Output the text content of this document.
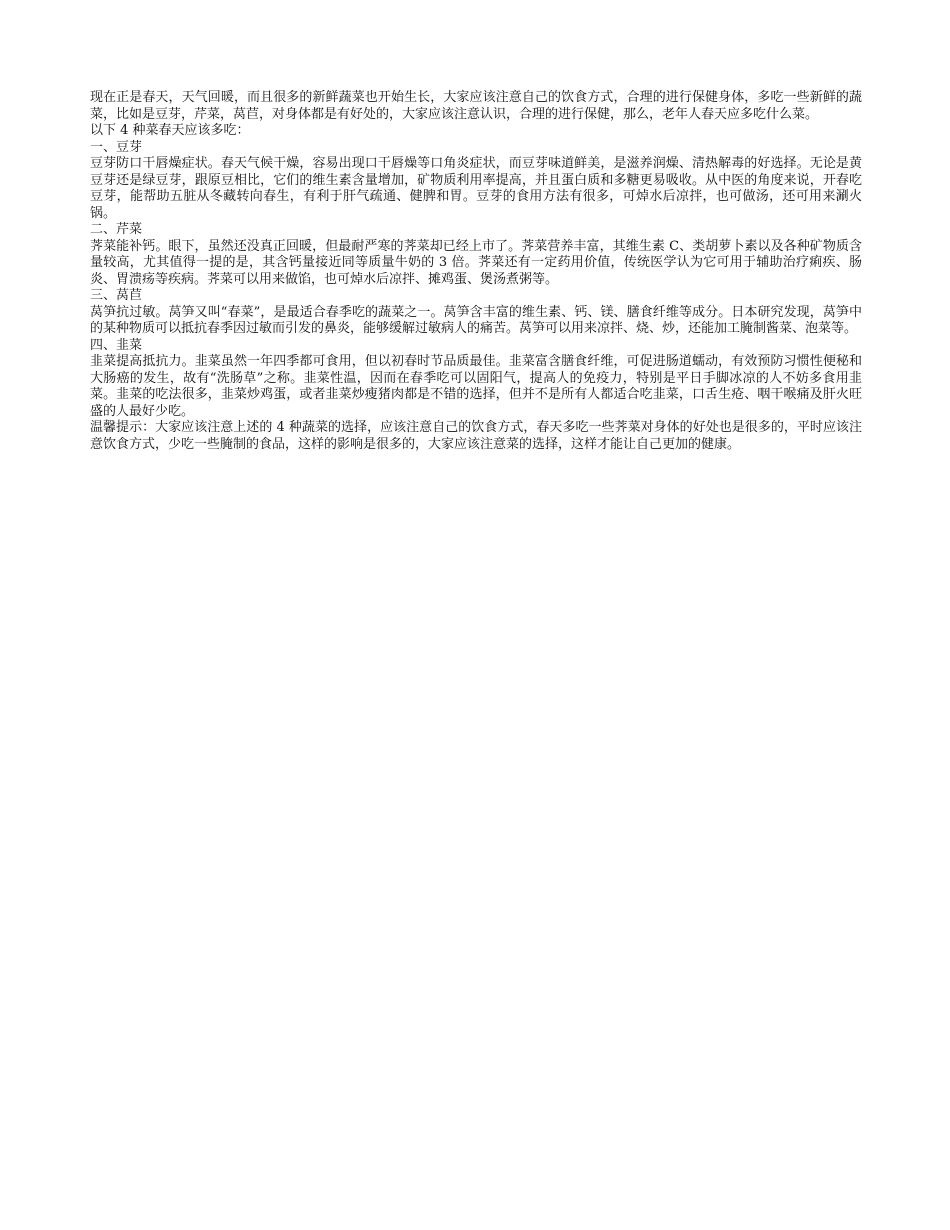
现在正是春天，天气回暖，而且很多的新鲜蔬菜也开始生长，大家应该注意自己的饮食方式，合理的进行保健身体，多吃一些新鲜的蔬菜，比如是豆芽，芹菜，莴苣，对身体都是有好处的，大家应该注意认识，合理的进行保健，那么，老年人春天应多吃什么菜。

以下 4 种菜春天应该多吃：

一、豆芽

豆芽防口干唇燥症状。春天气候干燥，容易出现口干唇燥等口角炎症状，而豆芽味道鲜美，是滋养润燥、清热解毒的好选择。无论是黄豆芽还是绿豆芽，跟原豆相比，它们的维生素含量增加，矿物质利用率提高，并且蛋白质和多糖更易吸收。从中医的角度来说，开春吃豆芽，能帮助五脏从冬藏转向春生，有利于肝气疏通、健脾和胃。豆芽的食用方法有很多，可焯水后凉拌，也可做汤，还可用来涮火锅。

二、芹菜

荠菜能补钙。眼下，虽然还没真正回暖，但最耐严寒的荠菜却已经上市了。荠菜营养丰富，其维生素 C、类胡萝卜素以及各种矿物质含量较高，尤其值得一提的是，其含钙量接近同等质量牛奶的 3 倍。荠菜还有一定药用价值，传统医学认为它可用于辅助治疗痢疾、肠炎、胃溃疡等疾病。荠菜可以用来做馅，也可焯水后凉拌、摊鸡蛋、煲汤煮粥等。

三、莴苣

莴笋抗过敏。莴笋又叫“春菜”，是最适合春季吃的蔬菜之一。莴笋含丰富的维生素、钙、镁、膳食纤维等成分。日本研究发现，莴笋中的某种物质可以抵抗春季因过敏而引发的鼻炎，能够缓解过敏病人的痛苦。莴笋可以用来凉拌、烧、炒，还能加工腌制酱菜、泡菜等。

四、韭菜

韭菜提高抵抗力。韭菜虽然一年四季都可食用，但以初春时节品质最佳。韭菜富含膳食纤维，可促进肠道蠕动，有效预防习惯性便秘和大肠癌的发生，故有“洗肠草”之称。韭菜性温，因而在春季吃可以固阳气，提高人的免疫力，特别是平日手脚冰凉的人不妨多食用韭菜。韭菜的吃法很多，韭菜炒鸡蛋，或者韭菜炒瘦猪肉都是不错的选择，但并不是所有人都适合吃韭菜，口舌生疮、咽干喉痛及肝火旺盛的人最好少吃。

温馨提示：大家应该注意上述的 4 种蔬菜的选择，应该注意自己的饮食方式，春天多吃一些荠菜对身体的好处也是很多的，平时应该注意饮食方式，少吃一些腌制的食品，这样的影响是很多的，大家应该注意菜的选择，这样才能让自己更加的健康。
